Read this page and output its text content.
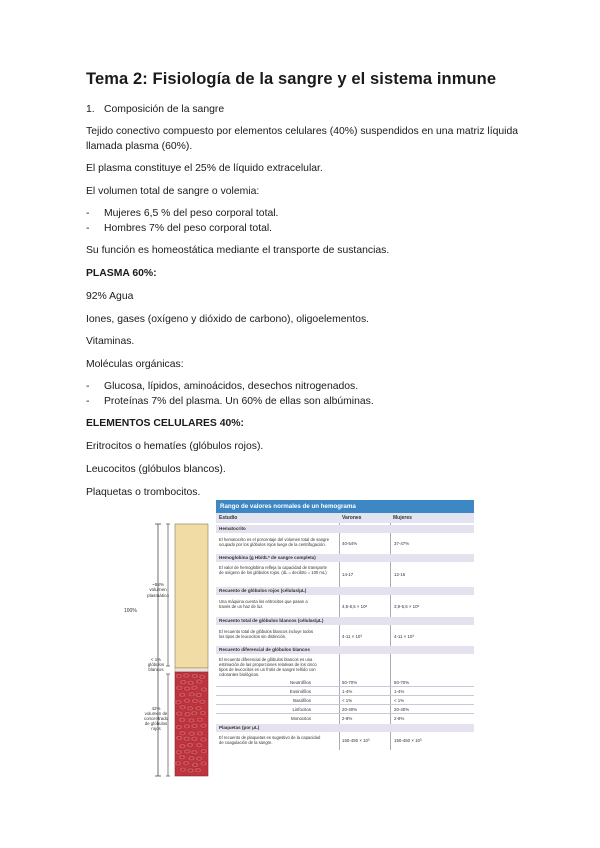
Tema 2: Fisiología de la sangre y el sistema inmune
1. Composición de la sangre
Tejido conectivo compuesto por elementos celulares (40%) suspendidos en una matriz líquida
llamada plasma (60%).
El plasma constituye el 25% de líquido extracelular.
El volumen total de sangre o volemia:
- Mujeres 6,5 % del peso corporal total.
- Hombres 7% del peso corporal total.
Su función es homeostática mediante el transporte de sustancias.
PLASMA 60%:
92% Agua
Iones, gases (oxígeno y dióxido de carbono), oligoelementos.
Vitaminas.
Moléculas orgánicas:
- Glucosa, lípidos, aminoácidos, desechos nitrogenados.
- Proteínas 7% del plasma. Un 60% de ellas son albúminas.
ELEMENTOS CELULARES 40%:
Eritrocitos o hematíes (glóbulos rojos).
Leucocitos (glóbulos blancos).
Plaquetas o trombocitos.
~58%
volumen
plasmático
100%
< 1%
glóbulos
blancos
42%
volumen de
concentrado
de glóbulos
rojos
Rango de valores normales de un hemograma
Estudio	Varones	Mujeres
Hematocrito
El hematocrito es el porcentaje del volumen total de sangre
ocupado por los glóbulos rojos luego de la centrifugación.	40-54%	37-47%
Hemoglobina (g Hb/dL* de sangre completa)
El valor de hemoglobina refleja la capacidad de transporte
de oxígeno de los glóbulos rojos. (dL = decilitro = 100 mL)	14-17	12-16
Recuento de glóbulos rojos (células/μL)
Una máquina cuenta los eritrocitos que pasan a
través de un haz de luz.	4,5-6,5 × 10⁶	3,9-5,6 × 10⁶
Recuento total de glóbulos blancos (células/μL)
El recuento total de glóbulos blancos incluye todos
los tipos de leucocitos sin distinción.	4-11 × 10³	4-11 × 10³
Recuento diferencial de glóbulos blancos
El recuento diferencial de glóbulos blancos es una
estimación de las proporciones relativas de los cinco
tipos de leucocitos en un frotis de sangre teñido con
colorantes biológicos.
Neutrófilos	50-70%	50-70%
Eosinófilos	1-4%	1-4%
Basófilos	< 1%	< 1%
Linfocitos	20-40%	20-40%
Monocitos	2-8%	2-8%
Plaquetas (por μL)
El recuento de plaquetas es sugestivo de la capacidad
de coagulación de la sangre.	150-450 × 10³	150-450 × 10³
